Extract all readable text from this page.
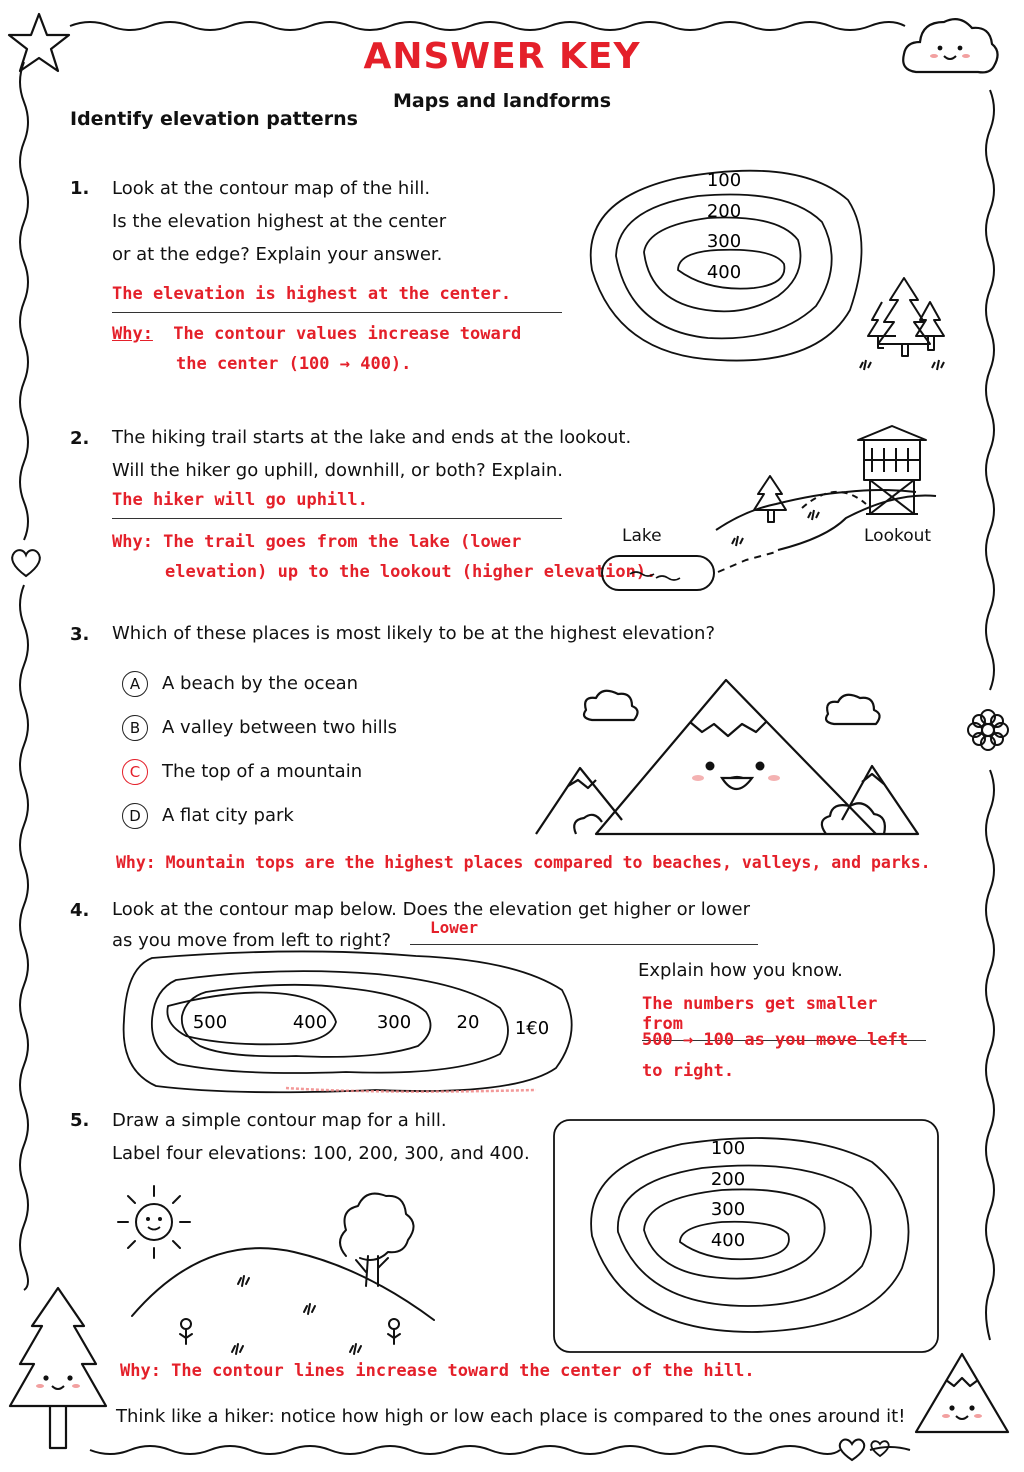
ANSWER KEY
Maps and landforms
Identify elevation patterns
1. Look at the contour map of the hill.
Is the elevation highest at the center
or at the edge? Explain your answer.
The elevation is highest at the center.
Why: The contour values increase toward
the center (100 → 400).
100
200
300
400
2. The hiking trail starts at the lake and ends at the lookout.
Will the hiker go uphill, downhill, or both? Explain.
The hiker will go uphill.
Why: The trail goes from the lake (lower
elevation) up to the lookout (higher elevation).
Lake	Lookout
3. Which of these places is most likely to be at the highest elevation?
A A beach by the ocean
B A valley between two hills
C The top of a mountain
D A flat city park
Why: Mountain tops are the highest places compared to beaches, valleys, and parks.
4. Look at the contour map below. Does the elevation get higher or lower
as you move from left to right?
Lower
500	400	300	20 1€0
Explain how you know.
The numbers get smaller from
500 → 100 as you move left
to right.
5. Draw a simple contour map for a hill.
Label four elevations: 100, 200, 300, and 400.	100
200
300
400
Why: The contour lines increase toward the center of the hill.
Think like a hiker: notice how high or low each place is compared to the ones around it!
